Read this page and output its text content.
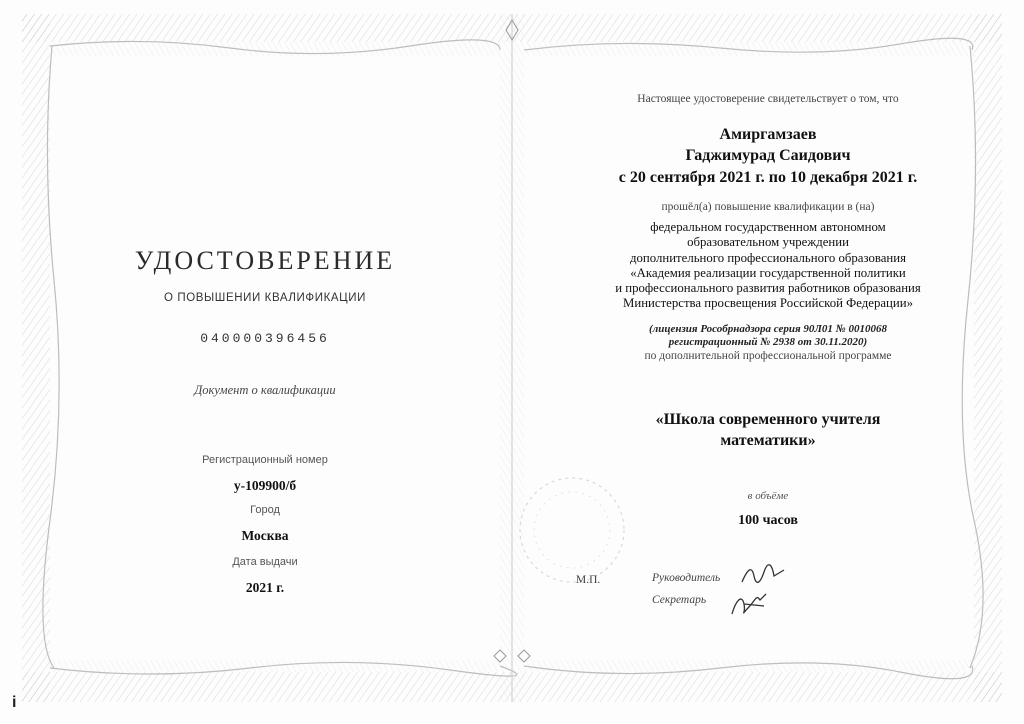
УДОСТОВЕРЕНИЕ
О ПОВЫШЕНИИ КВАЛИФИКАЦИИ
040000396456
Документ о квалификации
Регистрационный номер
у-109900/б
Город
Москва
Дата выдачи
2021 г.
Настоящее удостоверение свидетельствует о том, что
Амиргамзаев
Гаджимурад Саидович
с 20 сентября 2021 г. по 10 декабря 2021 г.
прошёл(а) повышение квалификации в (на)
федеральном государственном автономном
образовательном учреждении
дополнительного профессионального образования
«Академия реализации государственной политики
и профессионального развития работников образования
Министерства просвещения Российской Федерации»
(лицензия Рособрнадзора серия 90Л01 № 0010068
регистрационный № 2938 от 30.11.2020)
по дополнительной профессиональной программе
«Школа современного учителя
математики»
в объёме
100 часов
М.П.	Руководитель
Секретарь
i
